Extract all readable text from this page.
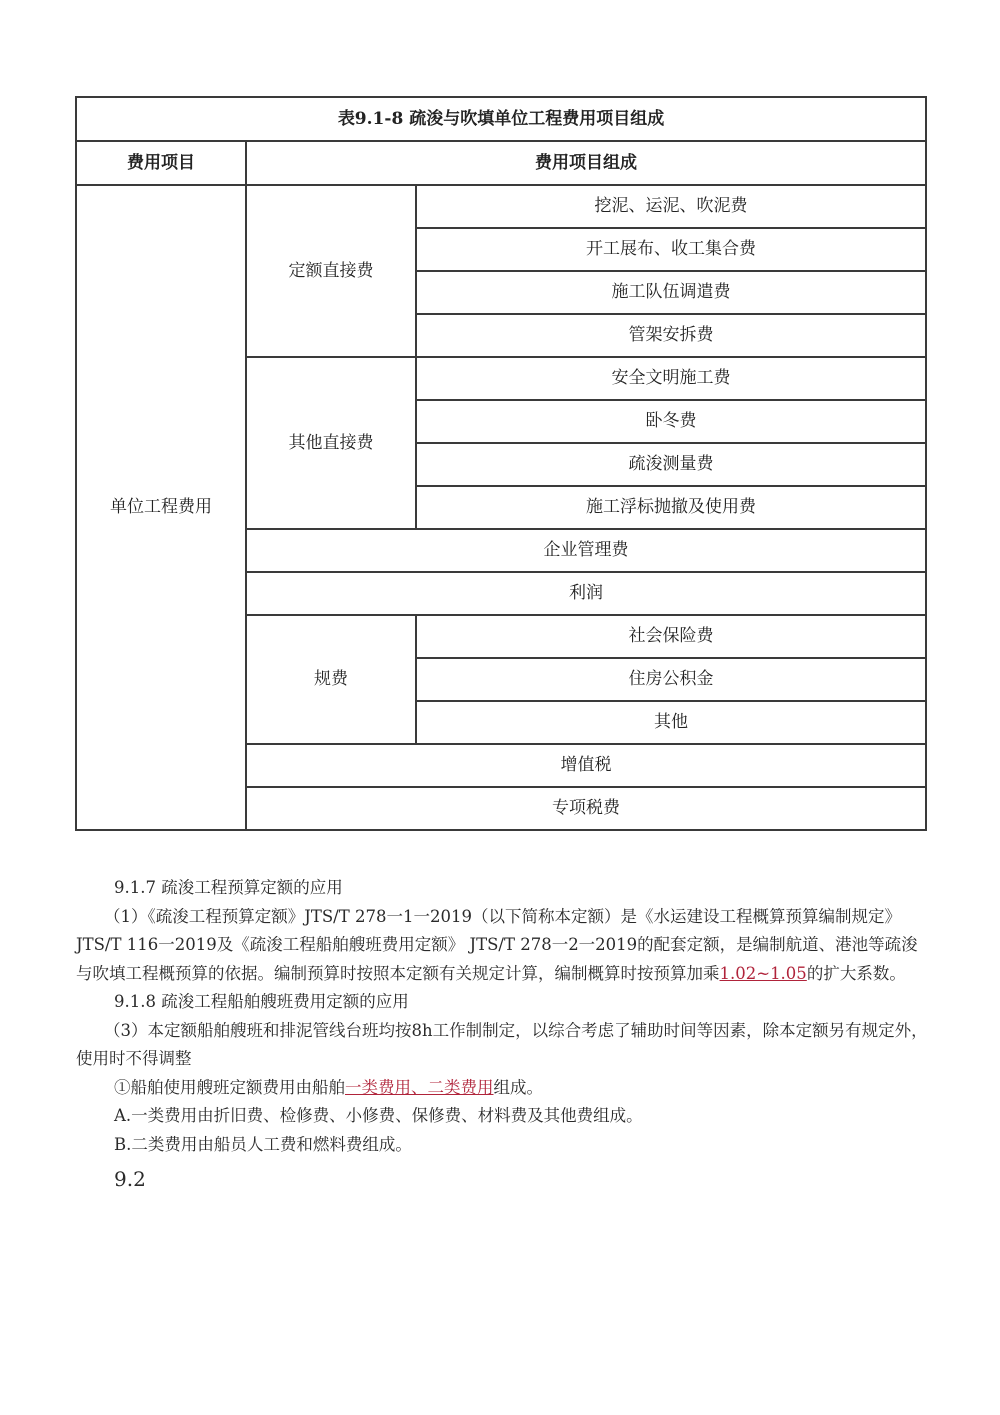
表9.1-8 疏浚与吹填单位工程费用项目组成		
费用项目	费用项目组成	
单位工程费用	定额直接费	挖泥、运泥、吹泥费
		开工展布、收工集合费
		施工队伍调遣费
		管架安拆费
	其他直接费	安全文明施工费
		卧冬费
		疏浚测量费
		施工浮标抛撤及使用费
	企业管理费	
	利润	
	规费	社会保险费
		住房公积金
		其他
	增值税	
	专项税费	

9.1.7 疏浚工程预算定额的应用

（1）《疏浚工程预算定额》JTS/T 278一1一2019（以下简称本定额）是《水运建设工程概算预算编制规定》JTS/T 116一2019及《疏浚工程船舶艘班费用定额》 JTS/T 278一2一2019的配套定额，是编制航道、港池等疏浚与吹填工程概预算的依据。编制预算时按照本定额有关规定计算，编制概算时按预算加乘1.02~1.05的扩大系数。

9.1.8 疏浚工程船舶艘班费用定额的应用

（3）本定额船舶艘班和排泥管线台班均按8h工作制制定，以综合考虑了辅助时间等因素，除本定额另有规定外，使用时不得调整

①船舶使用艘班定额费用由船舶一类费用、二类费用组成。

A.一类费用由折旧费、检修费、小修费、保修费、材料费及其他费组成。

B.二类费用由船员人工费和燃料费组成。

9.2
